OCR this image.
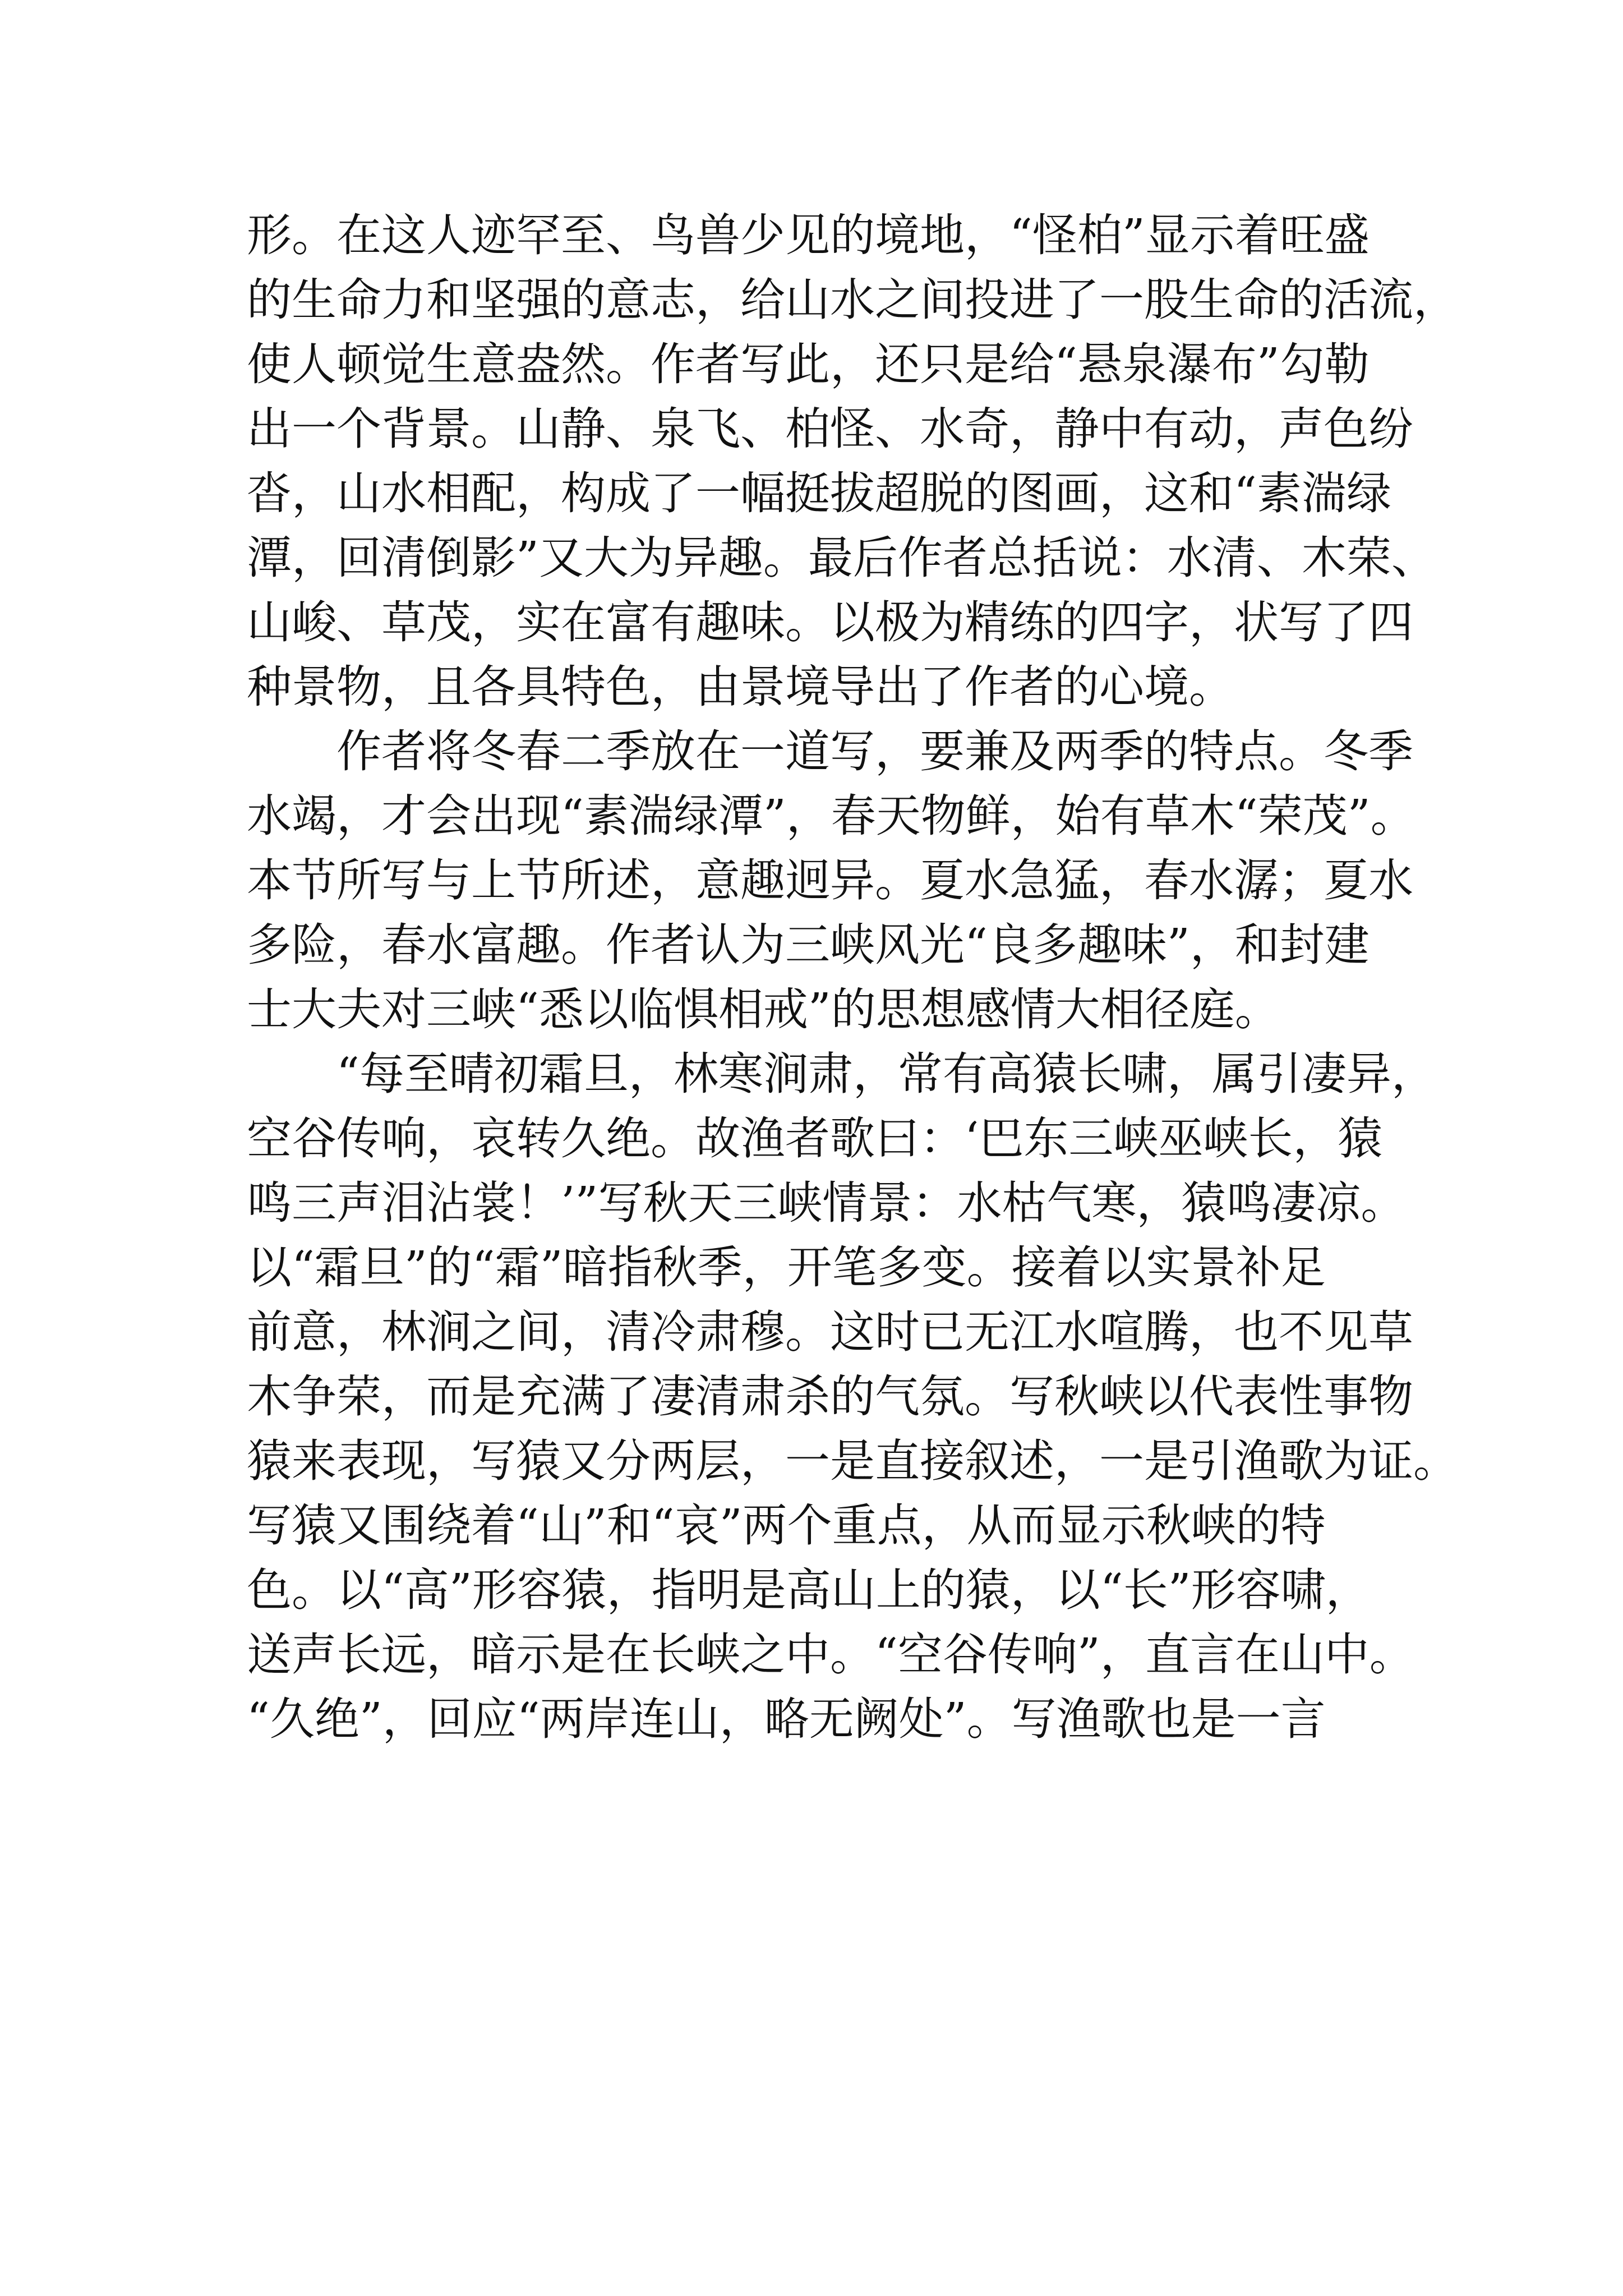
形。在这人迹罕至、鸟兽少见的境地，“怪柏”显示着旺盛
的生命力和坚强的意志，给山水之间投进了一股生命的活流，
使人顿觉生意盎然。作者写此，还只是给“悬泉瀑布”勾勒
出一个背景。山静、泉飞、柏怪、水奇，静中有动，声色纷
沓，山水相配，构成了一幅挺拔超脱的图画，这和“素湍绿
潭，回清倒影”又大为异趣。最后作者总括说：水清、木荣、
山峻、草茂，实在富有趣味。以极为精练的四字，状写了四
种景物，且各具特色，由景境导出了作者的心境。
　　作者将冬春二季放在一道写，要兼及两季的特点。冬季
水竭，才会出现“素湍绿潭”，春天物鲜，始有草木“荣茂”。
本节所写与上节所述，意趣迥异。夏水急猛，春水潺；夏水
多险，春水富趣。作者认为三峡风光“良多趣味”，和封建
士大夫对三峡“悉以临惧相戒”的思想感情大相径庭。
　　“每至晴初霜旦，林寒涧肃，常有高猿长啸，属引凄异，
空谷传响，哀转久绝。故渔者歌曰：‘巴东三峡巫峡长，猿
鸣三声泪沾裳！’”写秋天三峡情景：水枯气寒，猿鸣凄凉。
以“霜旦”的“霜”暗指秋季，开笔多变。接着以实景补足
前意，林涧之间，清冷肃穆。这时已无江水喧腾，也不见草
木争荣，而是充满了凄清肃杀的气氛。写秋峡以代表性事物
猿来表现，写猿又分两层，一是直接叙述，一是引渔歌为证。
写猿又围绕着“山”和“哀”两个重点，从而显示秋峡的特
色。以“高”形容猿，指明是高山上的猿，以“长”形容啸，
送声长远，暗示是在长峡之中。“空谷传响”，直言在山中。
“久绝”，回应“两岸连山，略无阙处”。写渔歌也是一言
